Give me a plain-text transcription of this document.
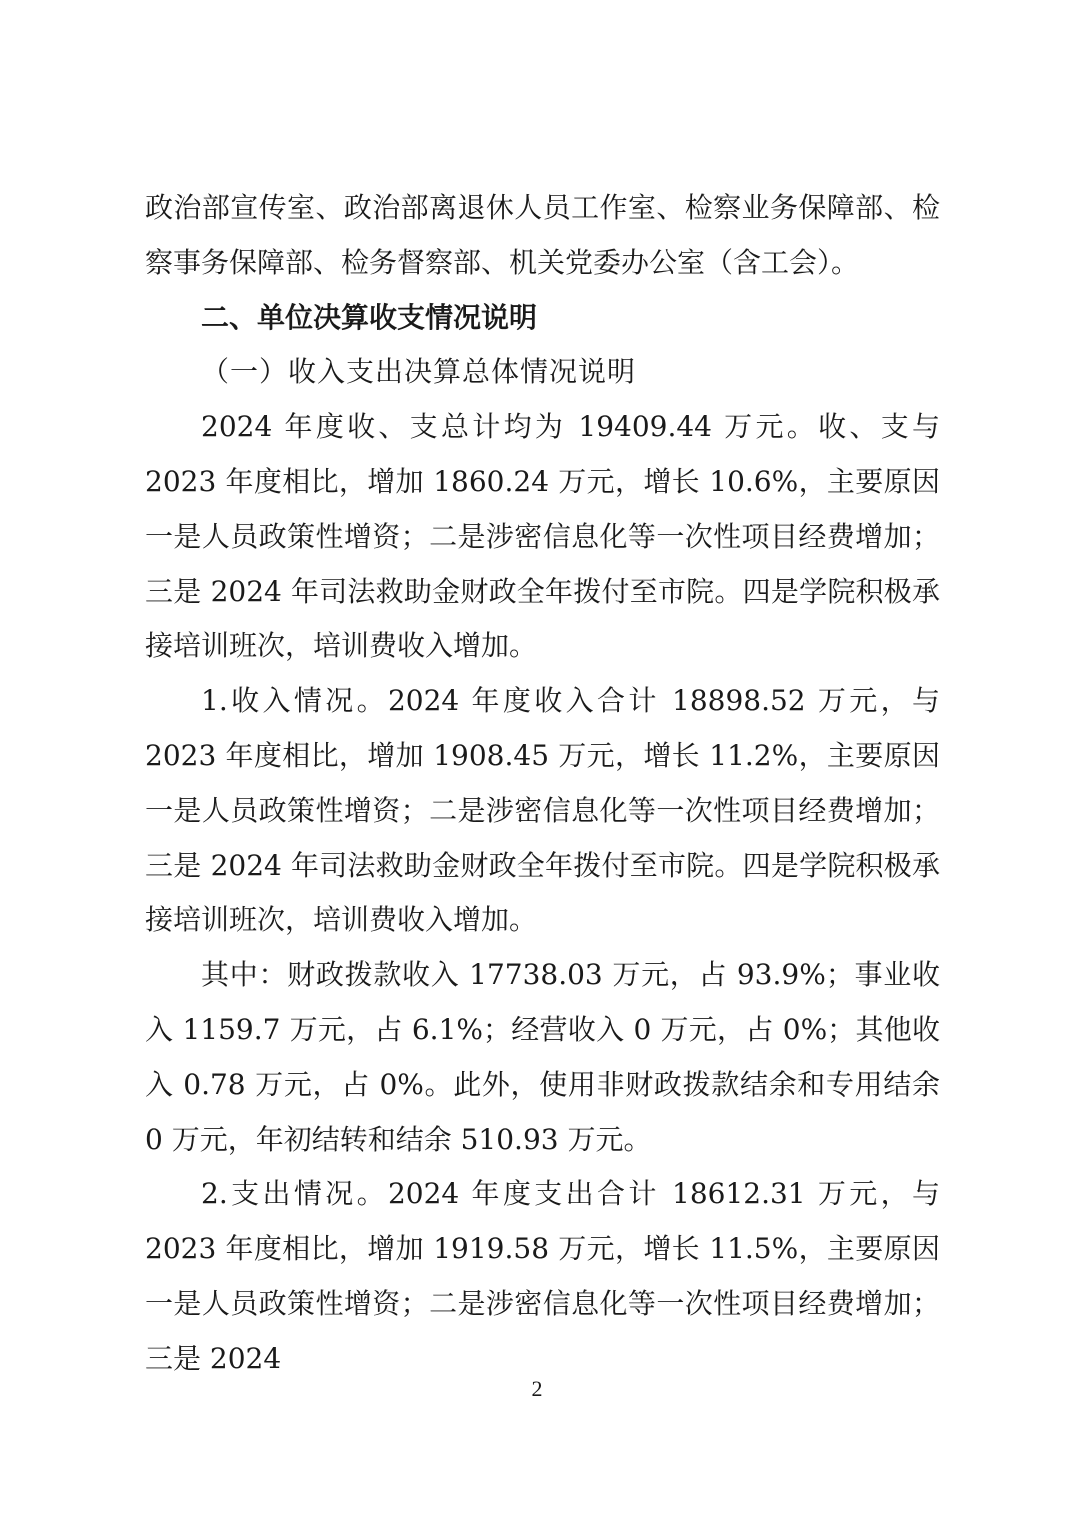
政治部宣传室、政治部离退休人员工作室、检察业务保障部、检察事务保障部、检务督察部、机关党委办公室（含工会）。

二、单位决算收支情况说明

（一）收入支出决算总体情况说明

2024 年度收、支总计均为 19409.44 万元。收、支与 2023 年度相比，增加 1860.24 万元，增长 10.6%，主要原因一是人员政策性增资；二是涉密信息化等一次性项目经费增加；三是 2024 年司法救助金财政全年拨付至市院。四是学院积极承接培训班次，培训费收入增加。

1.收入情况。2024 年度收入合计 18898.52 万元，与 2023 年度相比，增加 1908.45 万元，增长 11.2%，主要原因一是人员政策性增资；二是涉密信息化等一次性项目经费增加；三是 2024 年司法救助金财政全年拨付至市院。四是学院积极承接培训班次，培训费收入增加。

其中：财政拨款收入 17738.03 万元，占 93.9%；事业收入 1159.7 万元，占 6.1%；经营收入 0 万元，占 0%；其他收入 0.78 万元，占 0%。此外，使用非财政拨款结余和专用结余 0 万元，年初结转和结余 510.93 万元。

2.支出情况。2024 年度支出合计 18612.31 万元，与 2023 年度相比，增加 1919.58 万元，增长 11.5%，主要原因一是人员政策性增资；二是涉密信息化等一次性项目经费增加；三是 2024

2
